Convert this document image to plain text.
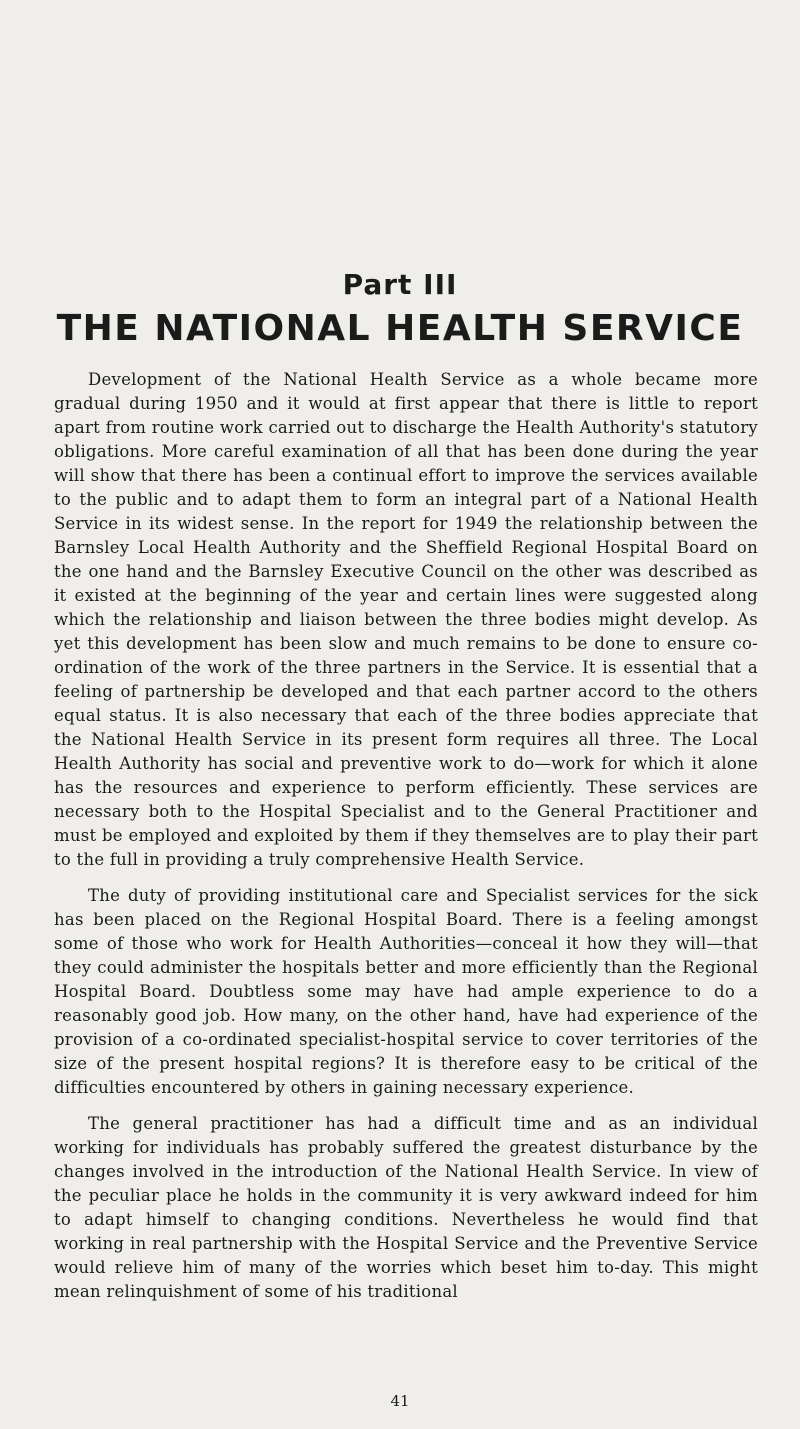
Part III
THE NATIONAL HEALTH SERVICE

Development of the National Health Service as a whole became more gradual during 1950 and it would at first appear that there is little to report apart from routine work carried out to discharge the Health Authority's statutory obligations. More careful examination of all that has been done during the year will show that there has been a continual effort to improve the services available to the public and to adapt them to form an integral part of a National Health Service in its widest sense. In the report for 1949 the relationship between the Barnsley Local Health Authority and the Sheffield Regional Hospital Board on the one hand and the Barnsley Executive Council on the other was described as it existed at the beginning of the year and certain lines were suggested along which the relationship and liaison between the three bodies might develop. As yet this development has been slow and much remains to be done to ensure co-ordination of the work of the three partners in the Service. It is essential that a feeling of partnership be developed and that each partner accord to the others equal status. It is also necessary that each of the three bodies appreciate that the National Health Service in its present form requires all three. The Local Health Authority has social and preventive work to do—work for which it alone has the resources and experience to perform efficiently. These services are necessary both to the Hospital Specialist and to the General Practitioner and must be employed and exploited by them if they themselves are to play their part to the full in providing a truly comprehensive Health Service.

The duty of providing institutional care and Specialist services for the sick has been placed on the Regional Hospital Board. There is a feeling amongst some of those who work for Health Authorities—conceal it how they will—that they could administer the hospitals better and more efficiently than the Regional Hospital Board. Doubtless some may have had ample experience to do a reasonably good job. How many, on the other hand, have had experience of the provision of a co-ordinated specialist-hospital service to cover territories of the size of the present hospital regions? It is therefore easy to be critical of the difficulties encountered by others in gaining necessary experience.

The general practitioner has had a difficult time and as an individual working for individuals has probably suffered the greatest disturbance by the changes involved in the introduction of the National Health Service. In view of the peculiar place he holds in the community it is very awkward indeed for him to adapt himself to changing conditions. Nevertheless he would find that working in real partnership with the Hospital Service and the Preventive Service would relieve him of many of the worries which beset him to-day. This might mean relinquishment of some of his traditional

41
